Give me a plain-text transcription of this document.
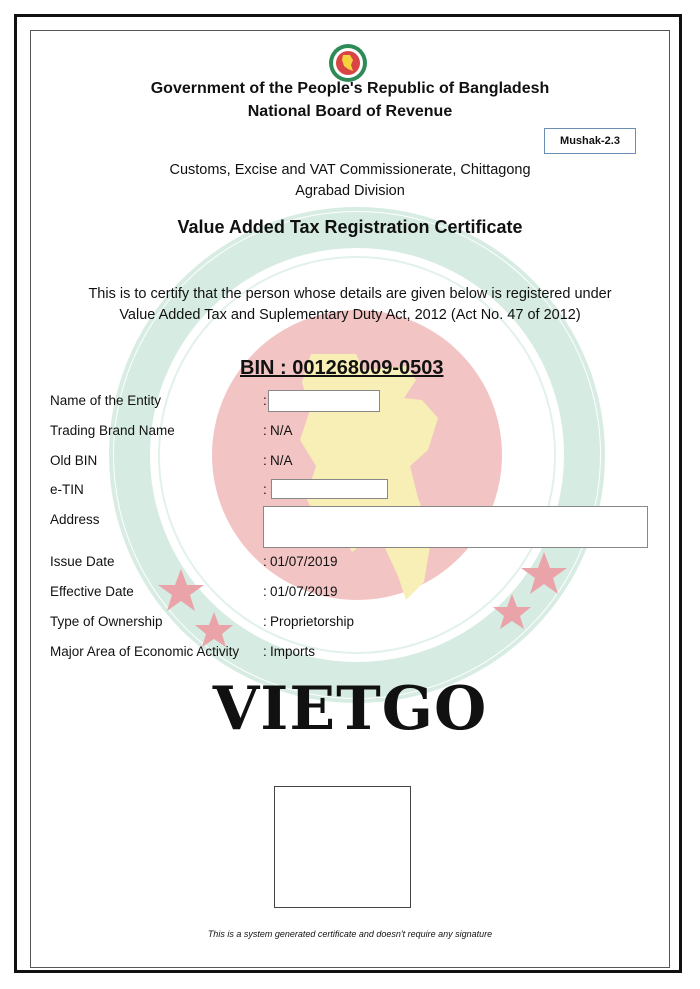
Government of the People's Republic of Bangladesh
National Board of Revenue
Mushak-2.3
Customs, Excise and VAT Commissionerate, Chittagong
Agrabad Division
Value Added Tax Registration Certificate
This is to certify that the person whose details are given below is registered under
Value Added Tax and Suplementary Duty Act, 2012 (Act No. 47 of 2012)
BIN : 001268009-0503
Name of the Entity	:
Trading Brand Name	: N/A
Old BIN	: N/A
e-TIN	:
Address
Issue Date	: 01/07/2019
Effective Date	: 01/07/2019
Type of Ownership	: Proprietorship
Major Area of Economic Activity : Imports
VIETGO
This is a system generated certificate and doesn't require any signature
